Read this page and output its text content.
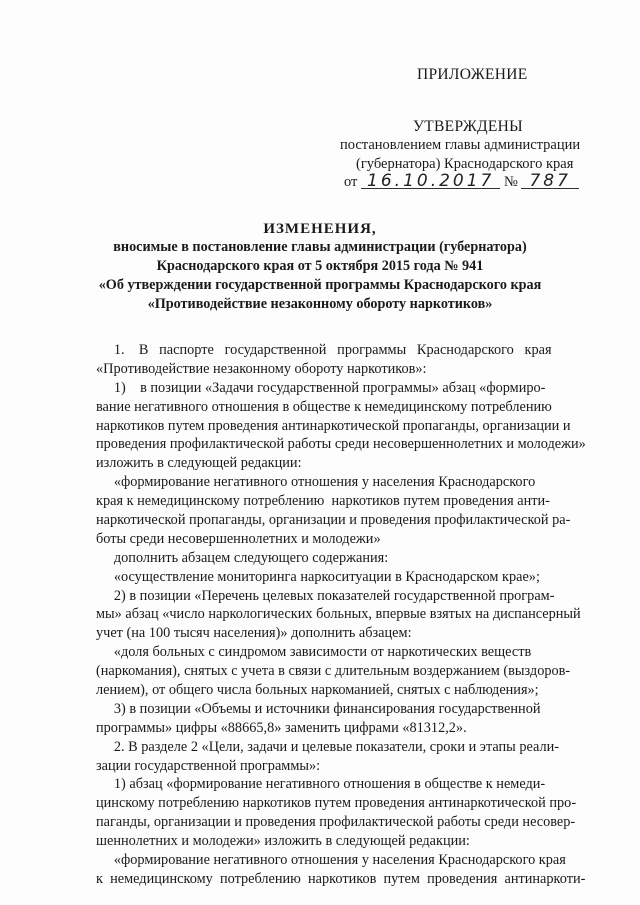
ПРИЛОЖЕНИЕ
УТВЕРЖДЕНЫ
постановлением главы администрации
(губернатора) Краснодарского края
от 16.10.2017 № 787
ИЗМЕНЕНИЯ,
вносимые в постановление главы администрации (губернатора)
Краснодарского края от 5 октября 2015 года № 941
«Об утверждении государственной программы Краснодарского края
«Противодействие незаконному обороту наркотиков»
1.    В   паспорте   государственной   программы   Краснодарского   края
«Противодействие незаконному обороту наркотиков»:
1)    в позиции «Задачи государственной программы» абзац «формиро-
вание негативного отношения в обществе к немедицинскому потреблению
наркотиков путем проведения антинаркотической пропаганды, организации и
проведения профилактической работы среди несовершеннолетних и молодежи»
изложить в следующей редакции:
«формирование негативного отношения у населения Краснодарского
края к немедицинскому потреблению  наркотиков путем проведения анти-
наркотической пропаганды, организации и проведения профилактической ра-
боты среди несовершеннолетних и молодежи»
дополнить абзацем следующего содержания:
«осуществление мониторинга наркоситуации в Краснодарском крае»;
2) в позиции «Перечень целевых показателей государственной програм-
мы» абзац «число наркологических больных, впервые взятых на диспансерный
учет (на 100 тысяч населения)» дополнить абзацем:
«доля больных с синдромом зависимости от наркотических веществ
(наркомания), снятых с учета в связи с длительным воздержанием (выздоров-
лением), от общего числа больных наркоманией, снятых с наблюдения»;
3) в позиции «Объемы и источники финансирования государственной
программы» цифры «88665,8» заменить цифрами «81312,2».
2. В разделе 2 «Цели, задачи и целевые показатели, сроки и этапы реали-
зации государственной программы»:
1) абзац «формирование негативного отношения в обществе к немеди-
цинскому потреблению наркотиков путем проведения антинаркотической про-
паганды, организации и проведения профилактической работы среди несовер-
шеннолетних и молодежи» изложить в следующей редакции:
«формирование негативного отношения у населения Краснодарского края
к  немедицинскому  потреблению  наркотиков  путем  проведения  антинаркоти-
